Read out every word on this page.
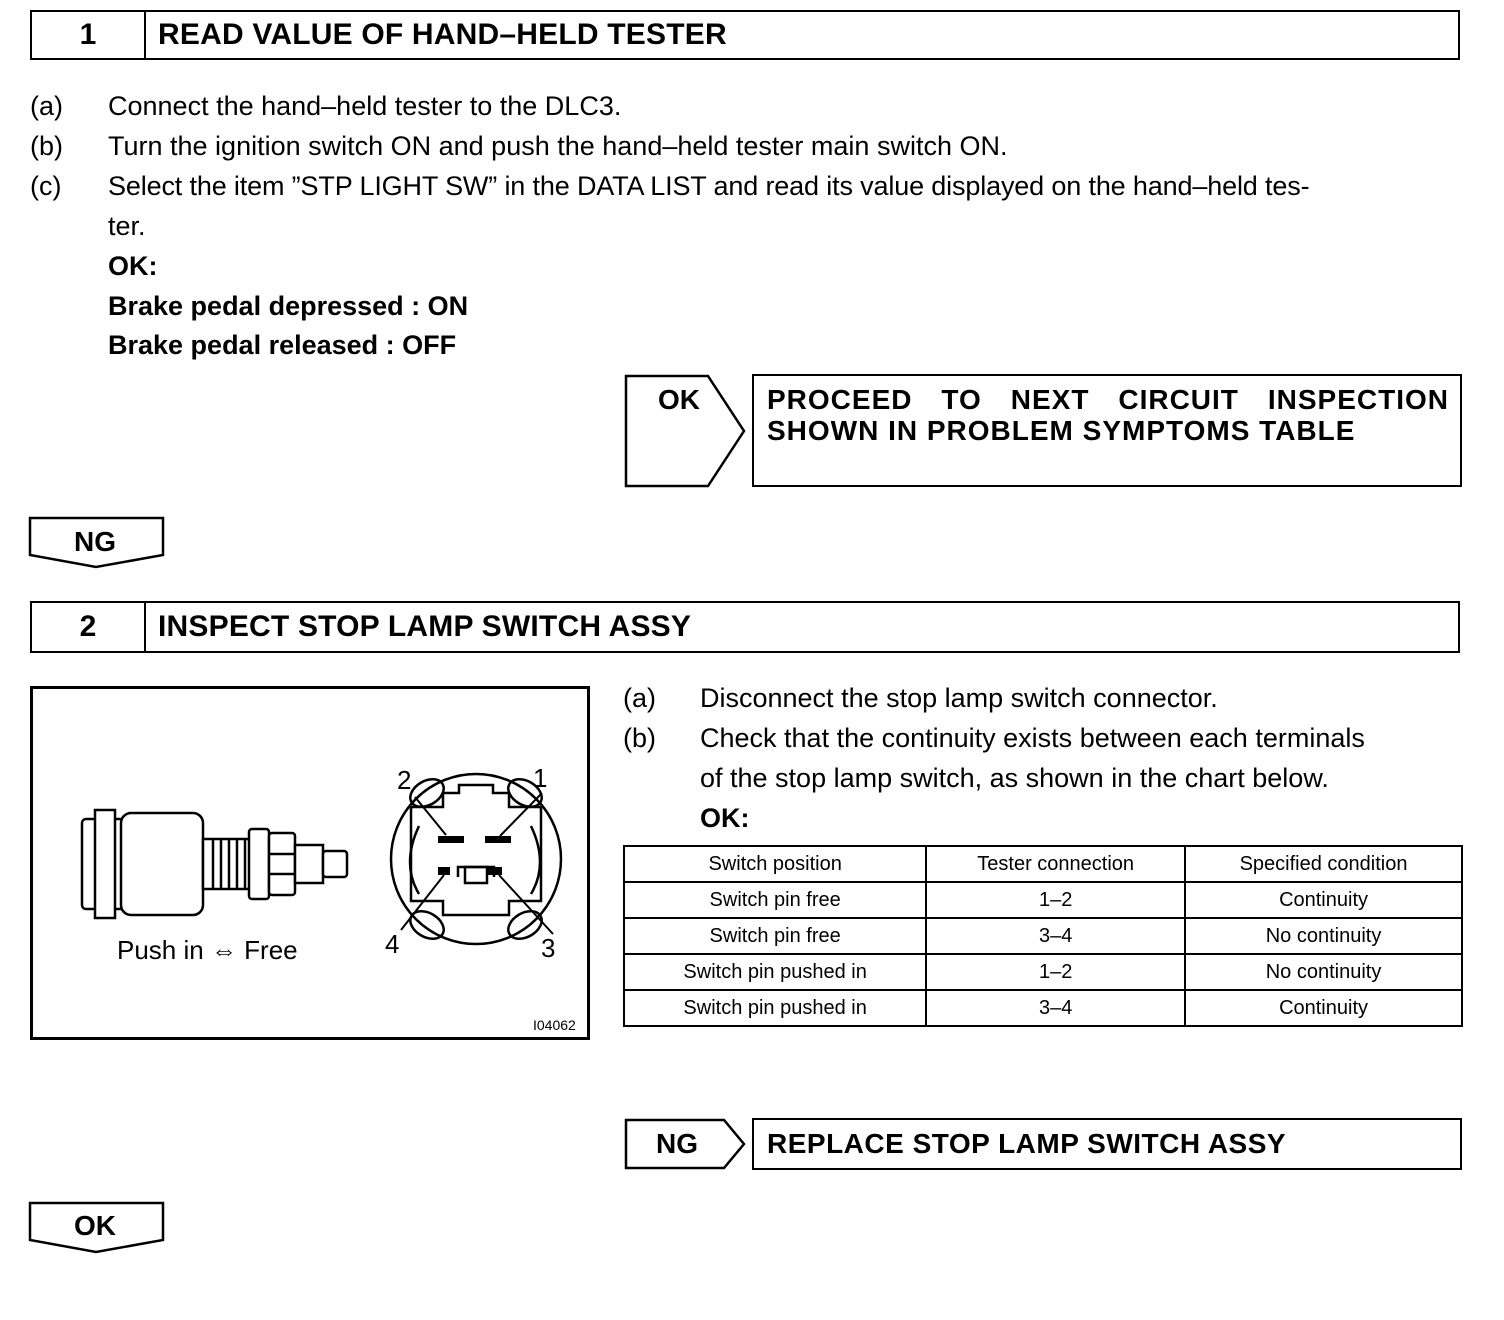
1	READ VALUE OF HAND–HELD TESTER
(a) Connect the hand–held tester to the DLC3.
(b) Turn the ignition switch ON and push the hand–held tester main switch ON.
(c) Select the item ”STP LIGHT SW” in the DATA LIST and read its value displayed on the hand–held tes-
ter.
OK:
Brake pedal depressed : ON
Brake pedal released : OFF
OK PROCEED TO NEXT CIRCUIT INSPECTION
SHOWN IN PROBLEM SYMPTOMS TABLE
NG
2	INSPECT STOP LAMP SWITCH ASSY
2	1
4	3
Push in ⇔ Free
I04062
(a) Disconnect the stop lamp switch connector.
(b) Check that the continuity exists between each terminals
of the stop lamp switch, as shown in the chart below.
OK:
Switch position	Tester connection	Specified condition
Switch pin free	1–2	Continuity
Switch pin free	3–4	No continuity
Switch pin pushed in	1–2	No continuity
Switch pin pushed in	3–4	Continuity
NG REPLACE STOP LAMP SWITCH ASSY
OK
